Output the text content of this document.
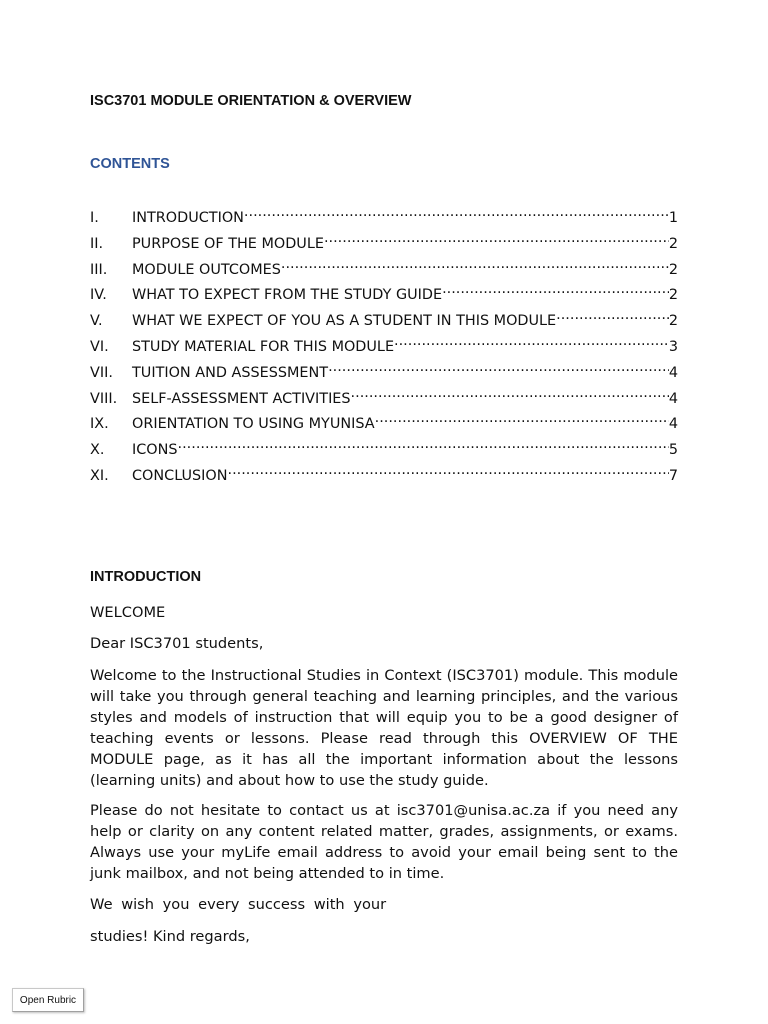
ISC3701 MODULE ORIENTATION & OVERVIEW
CONTENTS
I.	INTRODUCTION .....	1
II.	PURPOSE OF THE MODULE .....	2
III.	MODULE OUTCOMES .....	2
IV.	WHAT TO EXPECT FROM THE STUDY GUIDE .....	2
V.	WHAT WE EXPECT OF YOU AS A STUDENT IN THIS MODULE .....	2
VI.	STUDY MATERIAL FOR THIS MODULE .....	3
VII.	TUITION AND ASSESSMENT .....	4
VIII.	SELF-ASSESSMENT ACTIVITIES .....	4
IX.	ORIENTATION TO USING MYUNISA .....	4
X.	ICONS .....	5
XI.	CONCLUSION .....	7
INTRODUCTION

WELCOME

Dear ISC3701 students,

Welcome to the Instructional Studies in Context (ISC3701) module. This module will take you through general teaching and learning principles, and the various styles and models of instruction that will equip you to be a good designer of teaching events or lessons. Please read through this OVERVIEW OF THE MODULE page, as it has all the important information about the lessons (learning units) and about how to use the study guide.

Please do not hesitate to contact us at isc3701@unisa.ac.za if you need any help or clarity on any content related matter, grades, assignments, or exams. Always use your myLife email address to avoid your email being sent to the junk mailbox, and not being attended to in time.

We wish you every success with your

studies! Kind regards,

Open Rubric
